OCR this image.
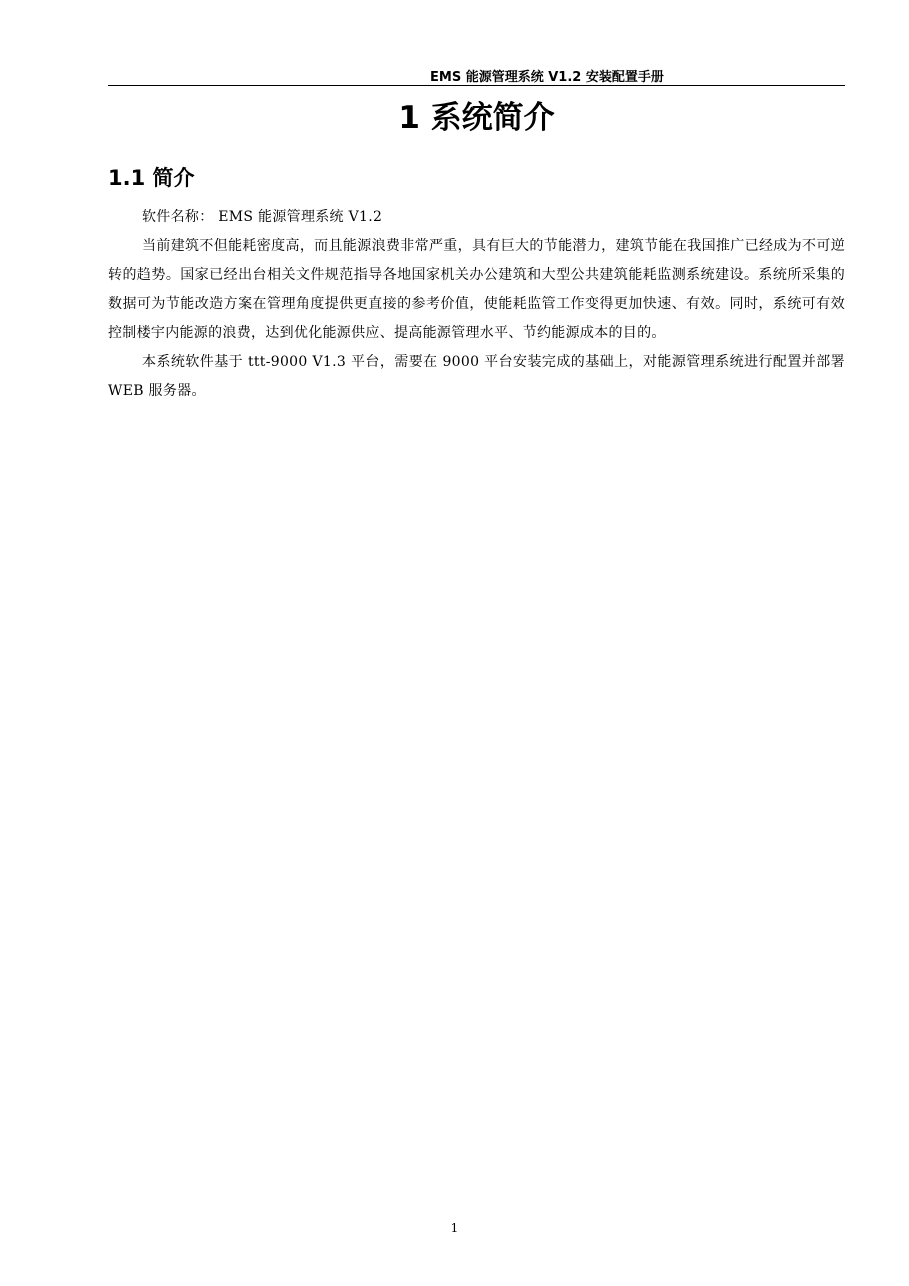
EMS 能源管理系统 V1.2 安装配置手册
1 系统简介
1.1 简介

软件名称： EMS 能源管理系统 V1.2

当前建筑不但能耗密度高，而且能源浪费非常严重，具有巨大的节能潜力，建筑节能在我国推广已经成为不可逆转的趋势。国家已经出台相关文件规范指导各地国家机关办公建筑和大型公共建筑能耗监测系统建设。系统所采集的数据可为节能改造方案在管理角度提供更直接的参考价值，使能耗监管工作变得更加快速、有效。同时，系统可有效控制楼宇内能源的浪费，达到优化能源供应、提高能源管理水平、节约能源成本的目的。

本系统软件基于 ttt-9000 V1.3 平台，需要在 9000 平台安装完成的基础上，对能源管理系统进行配置并部署 WEB 服务器。

1
